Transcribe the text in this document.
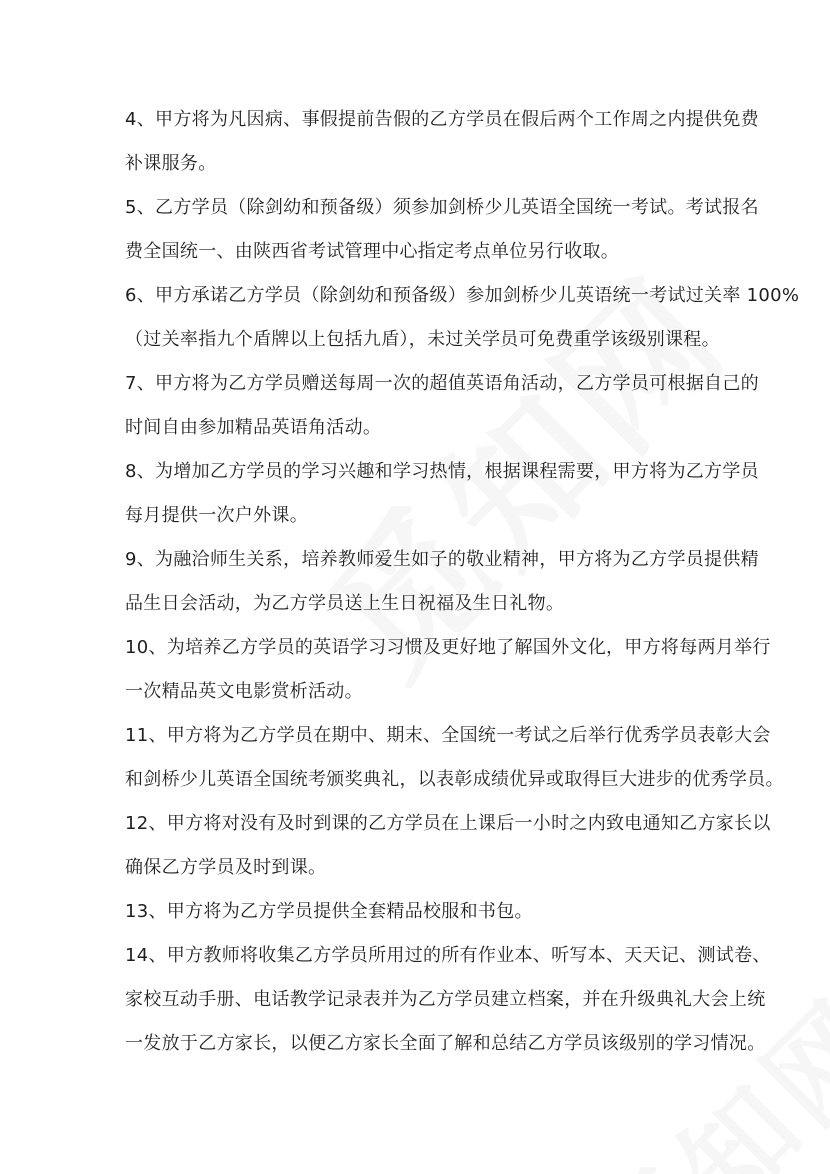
4、甲方将为凡因病、事假提前告假的乙方学员在假后两个工作周之内提供免费
补课服务。
5、乙方学员（除剑幼和预备级）须参加剑桥少儿英语全国统一考试。考试报名
费全国统一、由陕西省考试管理中心指定考点单位另行收取。
6、甲方承诺乙方学员（除剑幼和预备级）参加剑桥少儿英语统一考试过关率 100%
（过关率指九个盾牌以上包括九盾），未过关学员可免费重学该级别课程。
7、甲方将为乙方学员赠送每周一次的超值英语角活动，乙方学员可根据自己的
时间自由参加精品英语角活动。
8、为增加乙方学员的学习兴趣和学习热情，根据课程需要，甲方将为乙方学员
每月提供一次户外课。
9、为融洽师生关系，培养教师爱生如子的敬业精神，甲方将为乙方学员提供精
品生日会活动，为乙方学员送上生日祝福及生日礼物。
10、为培养乙方学员的英语学习习惯及更好地了解国外文化，甲方将每两月举行
一次精品英文电影赏析活动。
11、甲方将为乙方学员在期中、期末、全国统一考试之后举行优秀学员表彰大会
和剑桥少儿英语全国统考颁奖典礼，以表彰成绩优异或取得巨大进步的优秀学员。
12、甲方将对没有及时到课的乙方学员在上课后一小时之内致电通知乙方家长以
确保乙方学员及时到课。
13、甲方将为乙方学员提供全套精品校服和书包。
14、甲方教师将收集乙方学员所用过的所有作业本、听写本、天天记、测试卷、
家校互动手册、电话教学记录表并为乙方学员建立档案，并在升级典礼大会上统
一发放于乙方家长，以便乙方家长全面了解和总结乙方学员该级别的学习情况。
